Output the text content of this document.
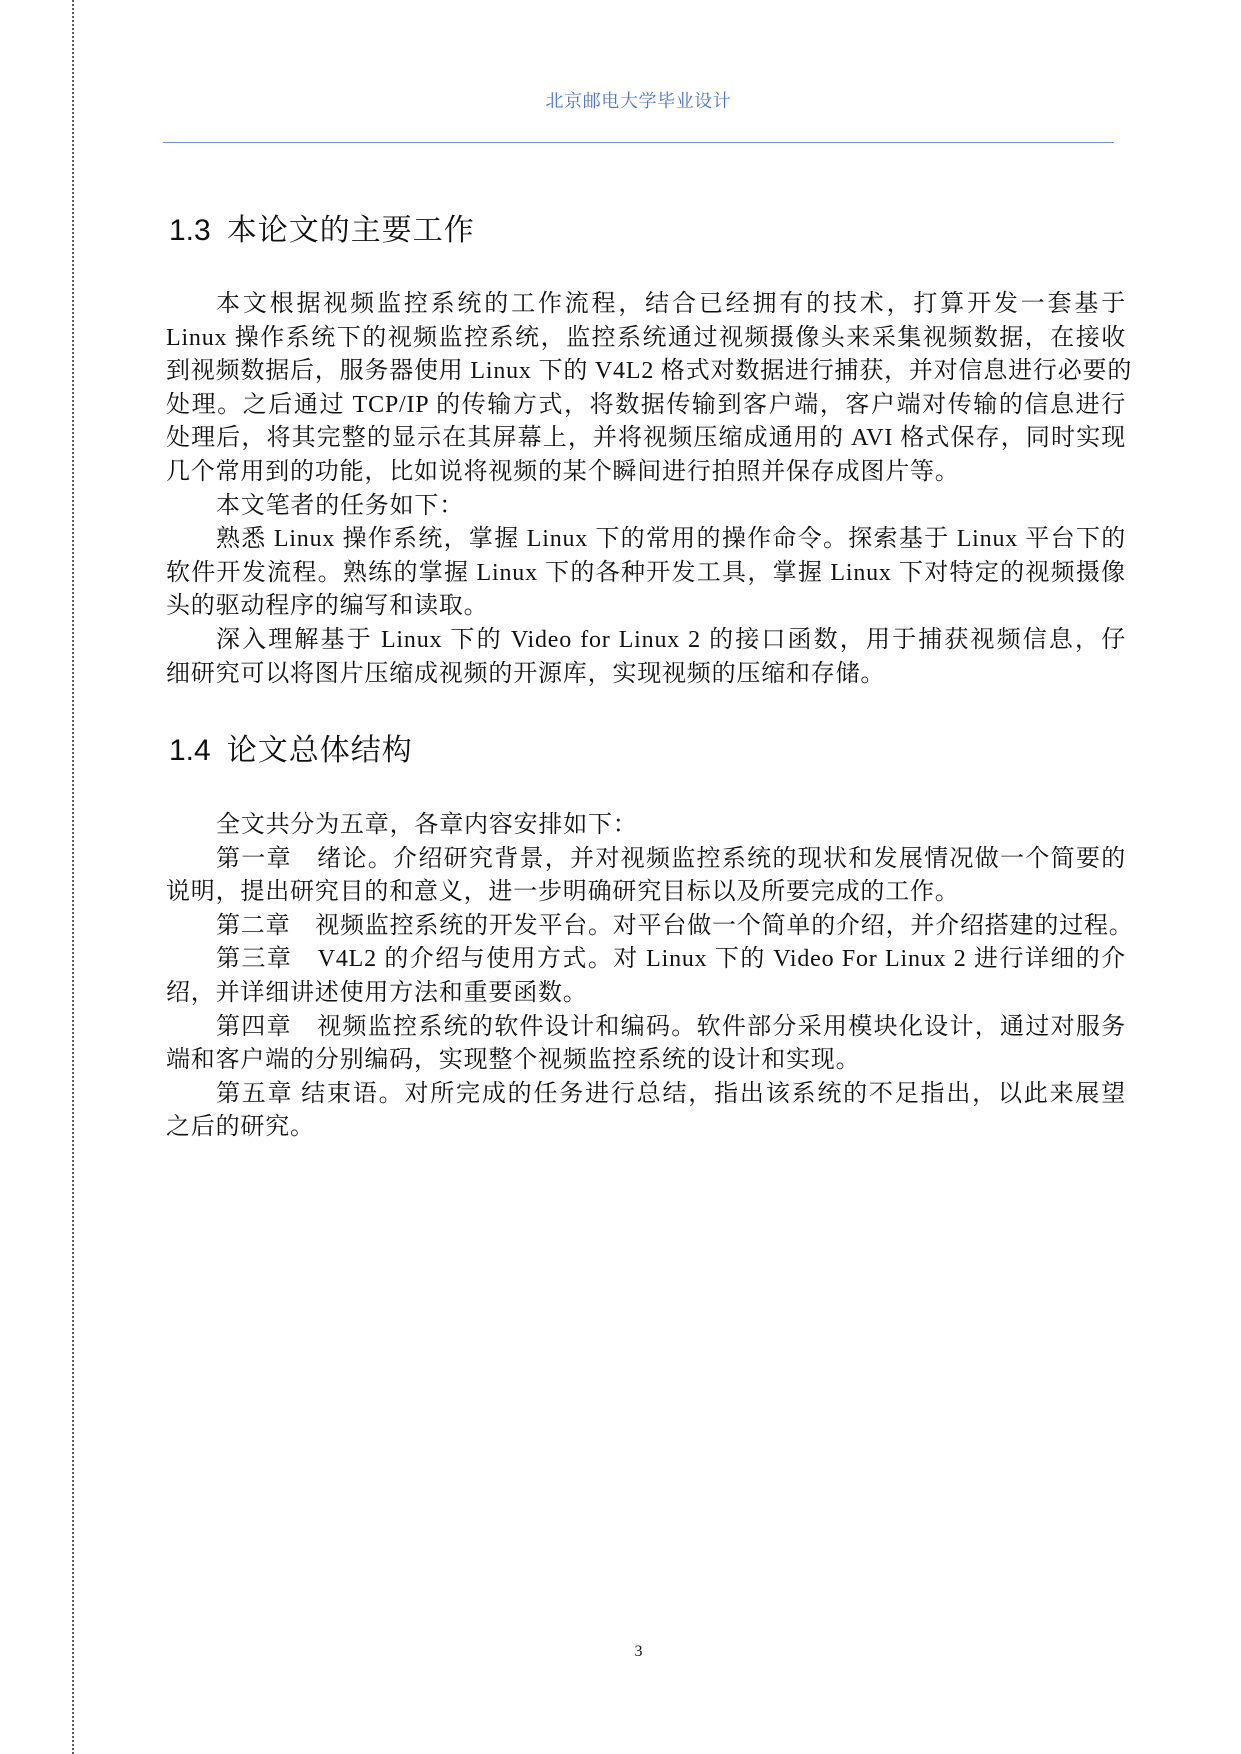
北京邮电大学毕业设计
1.3 本论文的主要工作
本文根据视频监控系统的工作流程，结合已经拥有的技术，打算开发一套基于
Linux 操作系统下的视频监控系统，监控系统通过视频摄像头来采集视频数据，在接收
到视频数据后，服务器使用 Linux 下的 V4L2 格式对数据进行捕获，并对信息进行必要的
处理。之后通过 TCP/IP 的传输方式，将数据传输到客户端，客户端对传输的信息进行
处理后，将其完整的显示在其屏幕上，并将视频压缩成通用的 AVI 格式保存，同时实现
几个常用到的功能，比如说将视频的某个瞬间进行拍照并保存成图片等。
本文笔者的任务如下：
熟悉 Linux 操作系统，掌握 Linux 下的常用的操作命令。探索基于 Linux 平台下的
软件开发流程。熟练的掌握 Linux 下的各种开发工具，掌握 Linux 下对特定的视频摄像
头的驱动程序的编写和读取。
深入理解基于 Linux 下的 Video for Linux 2 的接口函数，用于捕获视频信息，仔
细研究可以将图片压缩成视频的开源库，实现视频的压缩和存储。
1.4 论文总体结构
全文共分为五章，各章内容安排如下：
第一章　绪论。介绍研究背景，并对视频监控系统的现状和发展情况做一个简要的
说明，提出研究目的和意义，进一步明确研究目标以及所要完成的工作。
第二章　视频监控系统的开发平台。对平台做一个简单的介绍，并介绍搭建的过程。
第三章　V4L2 的介绍与使用方式。对 Linux 下的 Video For Linux 2 进行详细的介
绍，并详细讲述使用方法和重要函数。
第四章　视频监控系统的软件设计和编码。软件部分采用模块化设计，通过对服务
端和客户端的分别编码，实现整个视频监控系统的设计和实现。
第五章 结束语。对所完成的任务进行总结，指出该系统的不足指出，以此来展望
之后的研究。
3
